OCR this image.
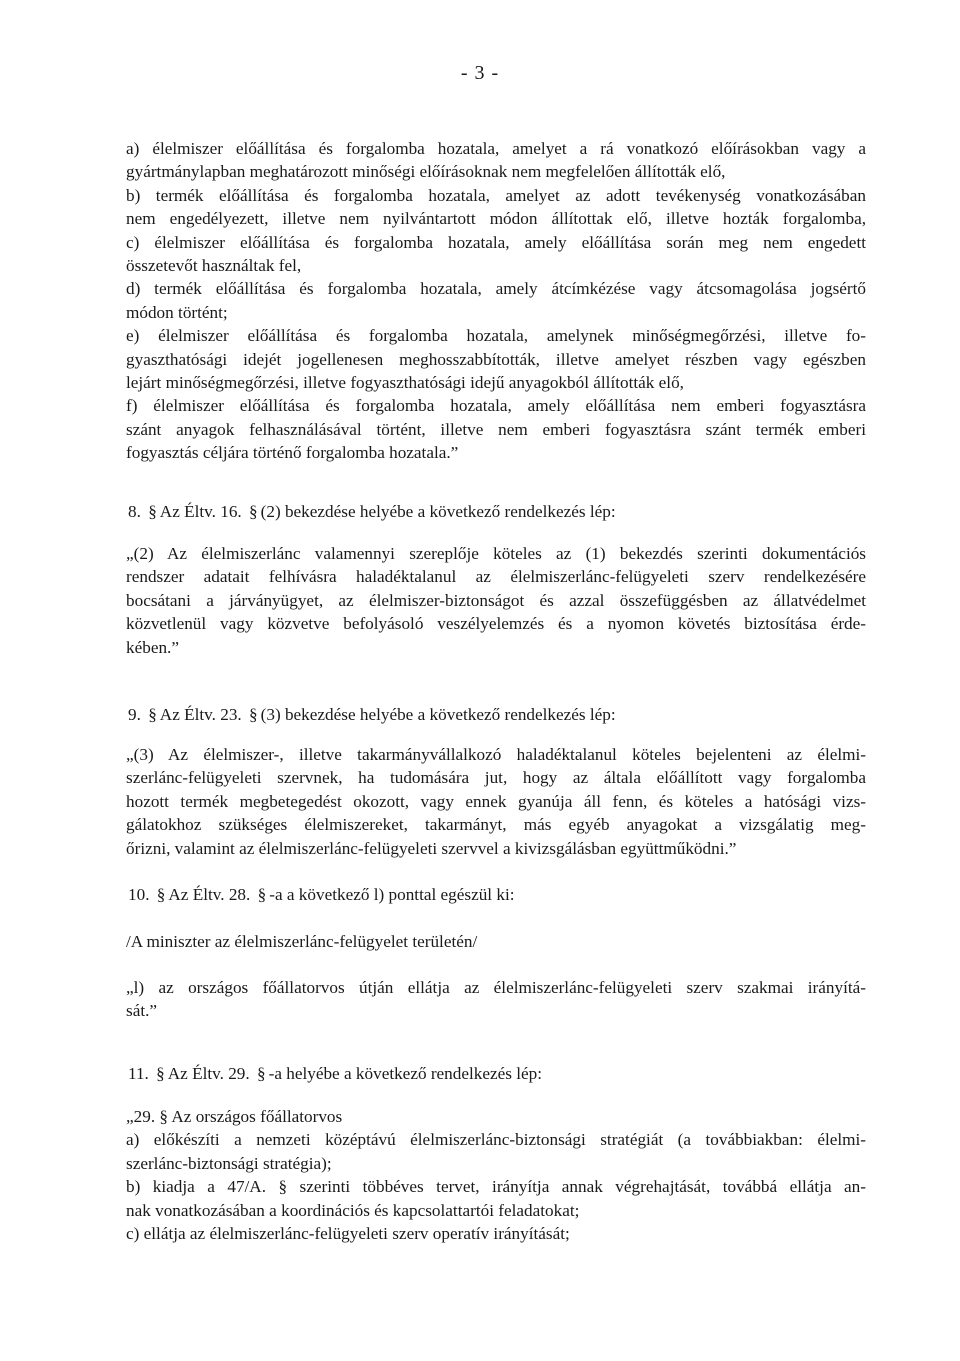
- 3 -
a) élelmiszer előállítása és forgalomba hozatala, amelyet a rá vonatkozó előírásokban vagy a
gyártmánylapban meghatározott minőségi előírásoknak nem megfelelően állították elő,
b) termék előállítása és forgalomba hozatala, amelyet az adott tevékenység vonatkozásában
nem engedélyezett, illetve nem nyilvántartott módon állítottak elő, illetve hozták forgalomba,
c) élelmiszer előállítása és forgalomba hozatala, amely előállítása során meg nem engedett
összetevőt használtak fel,
d) termék előállítása és forgalomba hozatala, amely átcímkézése vagy átcsomagolása jogsértő
módon történt;
e) élelmiszer előállítása és forgalomba hozatala, amelynek minőségmegőrzési, illetve fo-
gyaszthatósági idejét jogellenesen meghosszabbították, illetve amelyet részben vagy egészben
lejárt minőségmegőrzési, illetve fogyaszthatósági idejű anyagokból állították elő,
f) élelmiszer előállítása és forgalomba hozatala, amely előállítása nem emberi fogyasztásra
szánt anyagok felhasználásával történt, illetve nem emberi fogyasztásra szánt termék emberi
fogyasztás céljára történő forgalomba hozatala.”
8. § Az Éltv. 16. § (2) bekezdése helyébe a következő rendelkezés lép:
„(2) Az élelmiszerlánc valamennyi szereplője köteles az (1) bekezdés szerinti dokumentációs
rendszer adatait felhívásra haladéktalanul az élelmiszerlánc-felügyeleti szerv rendelkezésére
bocsátani a járványügyet, az élelmiszer-biztonságot és azzal összefüggésben az állatvédelmet
közvetlenül vagy közvetve befolyásoló veszélyelemzés és a nyomon követés biztosítása érde-
kében.”
9. § Az Éltv. 23. § (3) bekezdése helyébe a következő rendelkezés lép:
„(3) Az élelmiszer-, illetve takarmányvállalkozó haladéktalanul köteles bejelenteni az élelmi-
szerlánc-felügyeleti szervnek, ha tudomására jut, hogy az általa előállított vagy forgalomba
hozott termék megbetegedést okozott, vagy ennek gyanúja áll fenn, és köteles a hatósági vizs-
gálatokhoz szükséges élelmiszereket, takarmányt, más egyéb anyagokat a vizsgálatig meg-
őrizni, valamint az élelmiszerlánc-felügyeleti szervvel a kivizsgálásban együttműködni.”
10. § Az Éltv. 28. § -a a következő l) ponttal egészül ki:
/A miniszter az élelmiszerlánc-felügyelet területén/
„l) az országos főállatorvos útján ellátja az élelmiszerlánc-felügyeleti szerv szakmai irányítá-
sát.”
11. § Az Éltv. 29. § -a helyébe a következő rendelkezés lép:
„29. § Az országos főállatorvos
a) előkészíti a nemzeti középtávú élelmiszerlánc-biztonsági stratégiát (a továbbiakban: élelmi-
szerlánc-biztonsági stratégia);
b) kiadja a 47/A. § szerinti többéves tervet, irányítja annak végrehajtását, továbbá ellátja an-
nak vonatkozásában a koordinációs és kapcsolattartói feladatokat;
c) ellátja az élelmiszerlánc-felügyeleti szerv operatív irányítását;
